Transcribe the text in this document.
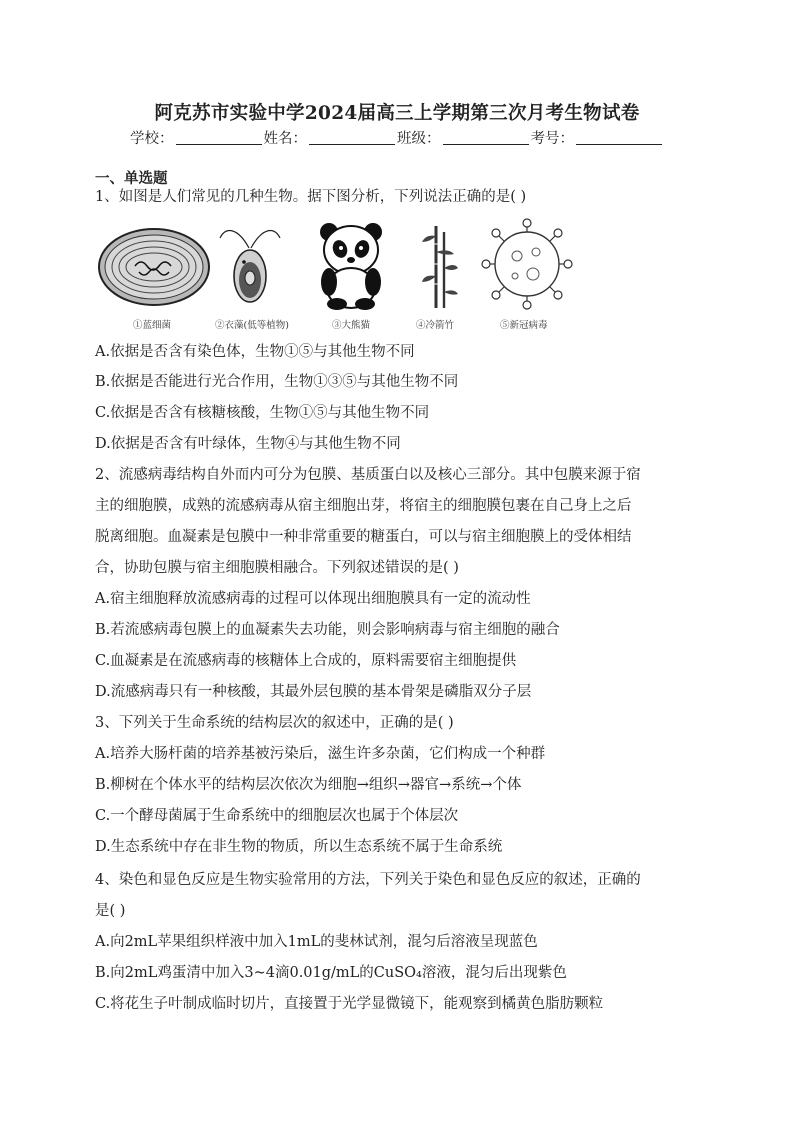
阿克苏市实验中学2024届高三上学期第三次月考生物试卷
学校：	姓名：	班级：	考号：
一、单选题
1、如图是人们常见的几种生物。据下图分析，下列说法正确的是( )
①蓝细菌	②衣藻(低等植物)	③大熊猫	④冷箭竹	⑤新冠病毒
A.依据是否含有染色体，生物①⑤与其他生物不同
B.依据是否能进行光合作用，生物①③⑤与其他生物不同
C.依据是否含有核糖核酸，生物①⑤与其他生物不同
D.依据是否含有叶绿体，生物④与其他生物不同
2、流感病毒结构自外而内可分为包膜、基质蛋白以及核心三部分。其中包膜来源于宿
主的细胞膜，成熟的流感病毒从宿主细胞出芽，将宿主的细胞膜包裹在自己身上之后
脱离细胞。血凝素是包膜中一种非常重要的糖蛋白，可以与宿主细胞膜上的受体相结
合，协助包膜与宿主细胞膜相融合。下列叙述错误的是( )
A.宿主细胞释放流感病毒的过程可以体现出细胞膜具有一定的流动性
B.若流感病毒包膜上的血凝素失去功能，则会影响病毒与宿主细胞的融合
C.血凝素是在流感病毒的核糖体上合成的，原料需要宿主细胞提供
D.流感病毒只有一种核酸，其最外层包膜的基本骨架是磷脂双分子层
3、下列关于生命系统的结构层次的叙述中，正确的是( )
A.培养大肠杆菌的培养基被污染后，滋生许多杂菌，它们构成一个种群
B.柳树在个体水平的结构层次依次为细胞→组织→器官→系统→个体
C.一个酵母菌属于生命系统中的细胞层次也属于个体层次
D.生态系统中存在非生物的物质，所以生态系统不属于生命系统
4、染色和显色反应是生物实验常用的方法，下列关于染色和显色反应的叙述，正确的
是( )
A.向2mL苹果组织样液中加入1mL的斐林试剂，混匀后溶液呈现蓝色
B.向2mL鸡蛋清中加入3~4滴0.01g/mL的CuSO₄溶液，混匀后出现紫色
C.将花生子叶制成临时切片，直接置于光学显微镜下，能观察到橘黄色脂肪颗粒
